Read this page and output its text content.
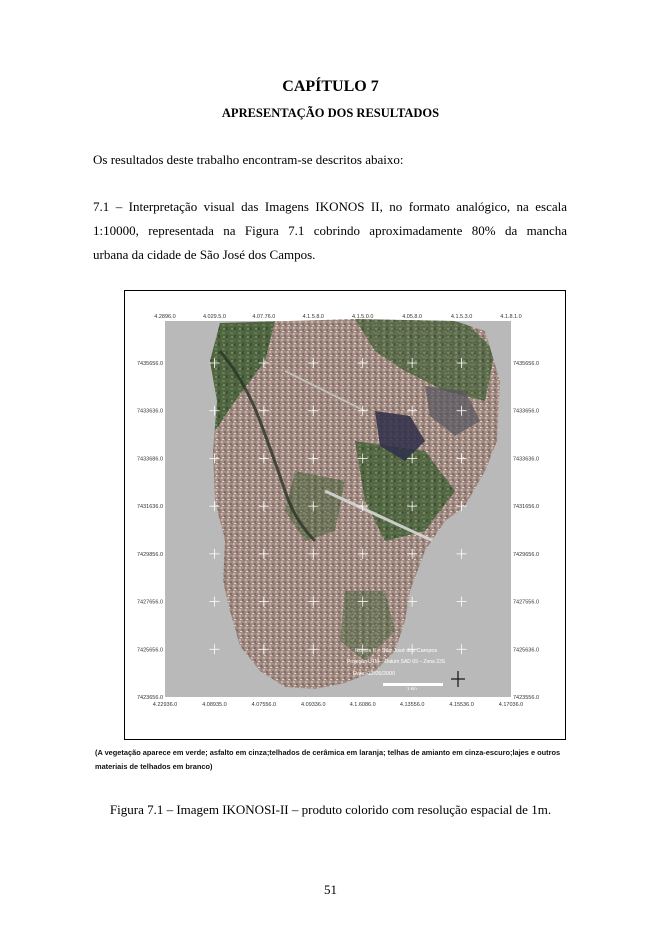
CAPÍTULO 7
APRESENTAÇÃO DOS RESULTADOS
Os resultados deste trabalho encontram-se descritos abaixo:
7.1 – Interpretação visual das Imagens IKONOS II, no formato analógico, na escala
1:10000, representada na Figura 7.1 cobrindo aproximadamente 80% da mancha
urbana da cidade de São José dos Campos.
Ikonos II – São José dos Campos
Projeção UTM – Datum SAD 69 – Zona 23S
Data: 12/05/2000
1 km
4.2896.0	4.029.5.0	4.07.76.0	4.1.5.8.0	4.1.5.0.0	4.05.8.0	4.1.5.3.0	4.1.8.1.0
4.22936.0	4.08935.0	4.07556.0	4.09336.0	4.1.6086.0	4.13556.0	4.15536.0	4.17036.0
7435656.0
7433636.0
7433686.0
7431636.0
7429856.0
7427656.0
7425656.0
7423656.0
7435656.0
7433656.0
7433636.0
7431656.0
7429656.0
7427556.0
7425636.0
7423556.0
(A vegetação aparece em verde; asfalto em cinza;telhados de cerâmica em laranja; telhas de amianto em cinza-escuro;lajes e outros
materiais de telhados em branco)
Figura 7.1 – Imagem IKONOSI-II – produto colorido com resolução espacial de 1m.
51
